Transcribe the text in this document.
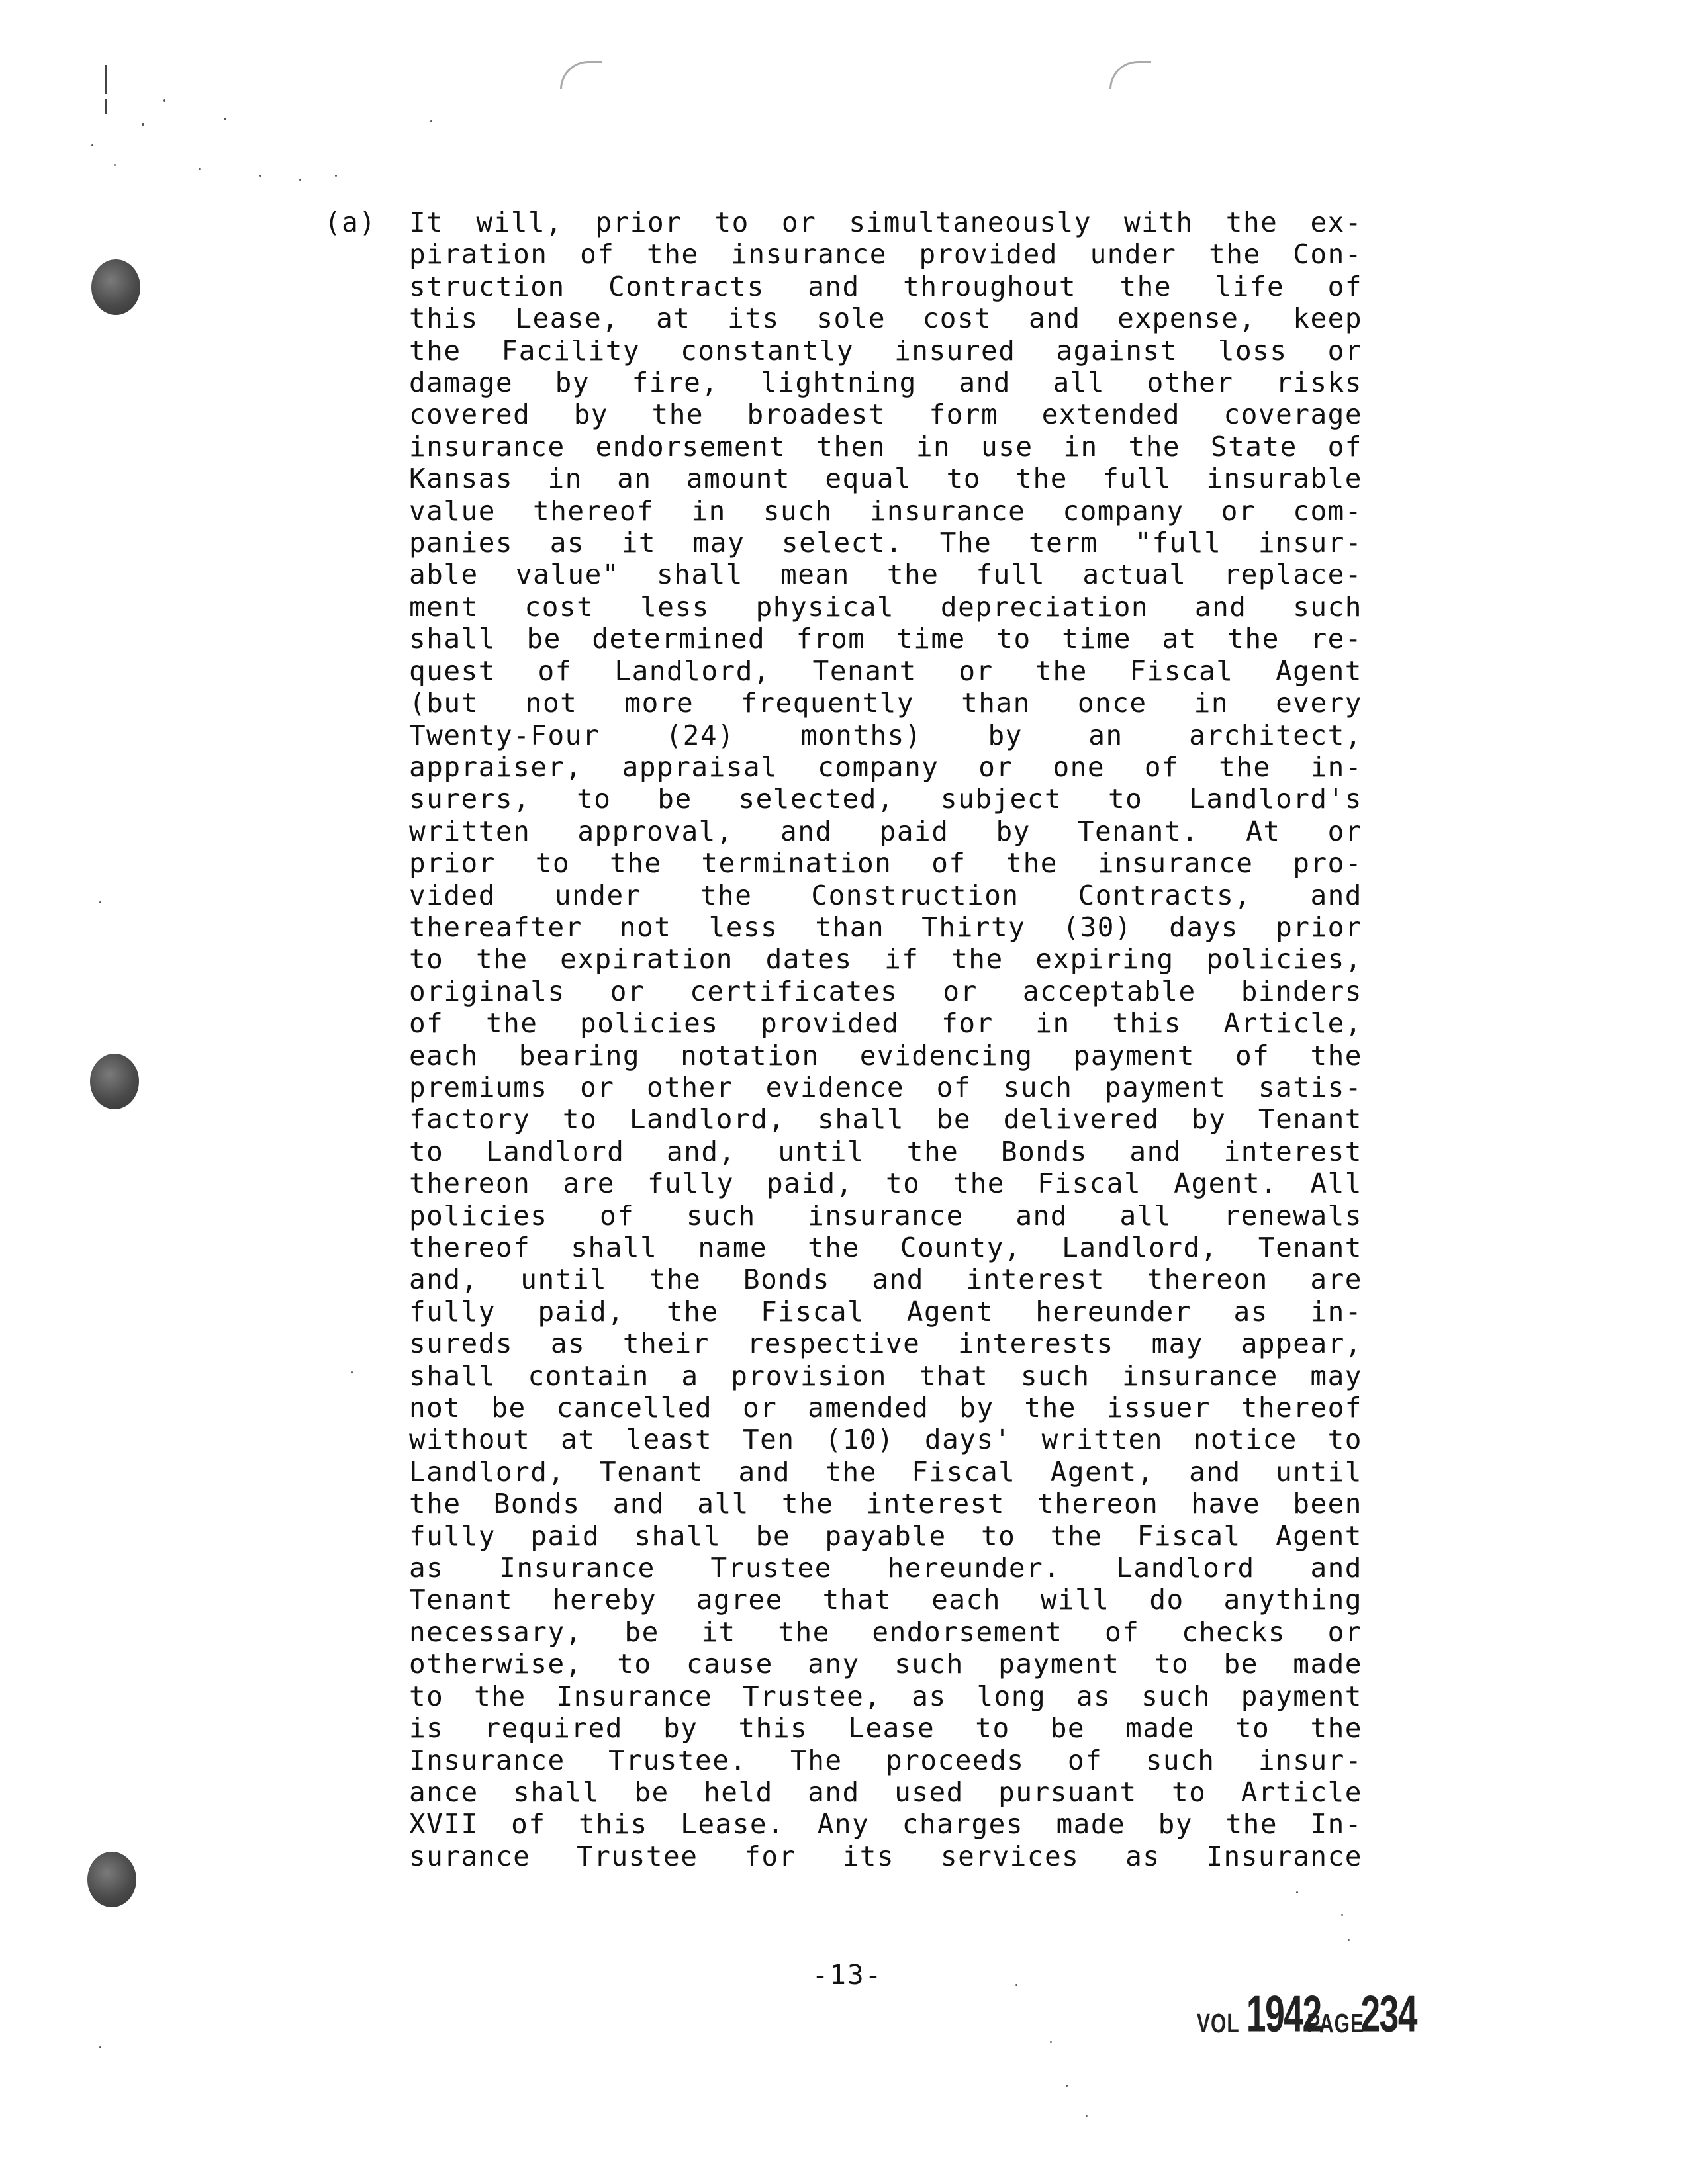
(a) It will, prior to or simultaneously with the ex-
piration of the insurance provided under the Con-
struction Contracts and throughout the life of
this Lease, at its sole cost and expense, keep
the Facility constantly insured against loss or
damage by fire, lightning and all other risks
covered by the broadest form extended coverage
insurance endorsement then in use in the State of
Kansas in an amount equal to the full insurable
value thereof in such insurance company or com-
panies as it may select. The term "full insur-
able value" shall mean the full actual replace-
ment cost less physical depreciation and such
shall be determined from time to time at the re-
quest of Landlord, Tenant or the Fiscal Agent
(but not more frequently than once in every
Twenty-Four (24) months) by an architect,
appraiser, appraisal company or one of the in-
surers, to be selected, subject to Landlord's
written approval, and paid by Tenant. At or
prior to the termination of the insurance pro-
vided under the Construction Contracts, and
thereafter not less than Thirty (30) days prior
to the expiration dates if the expiring policies,
originals or certificates or acceptable binders
of the policies provided for in this Article,
each bearing notation evidencing payment of the
premiums or other evidence of such payment satis-
factory to Landlord, shall be delivered by Tenant
to Landlord and, until the Bonds and interest
thereon are fully paid, to the Fiscal Agent. All
policies of such insurance and all renewals
thereof shall name the County, Landlord, Tenant
and, until the Bonds and interest thereon are
fully paid, the Fiscal Agent hereunder as in-
sureds as their respective interests may appear,
shall contain a provision that such insurance may
not be cancelled or amended by the issuer thereof
without at least Ten (10) days' written notice to
Landlord, Tenant and the Fiscal Agent, and until
the Bonds and all the interest thereon have been
fully paid shall be payable to the Fiscal Agent
as Insurance Trustee hereunder. Landlord and
Tenant hereby agree that each will do anything
necessary, be it the endorsement of checks or
otherwise, to cause any such payment to be made
to the Insurance Trustee, as long as such payment
is required by this Lease to be made to the
Insurance Trustee. The proceeds of such insur-
ance shall be held and used pursuant to Article
XVII of this Lease. Any charges made by the In-
surance Trustee for its services as Insurance
-13-
VOL 1942 PAGE 234
